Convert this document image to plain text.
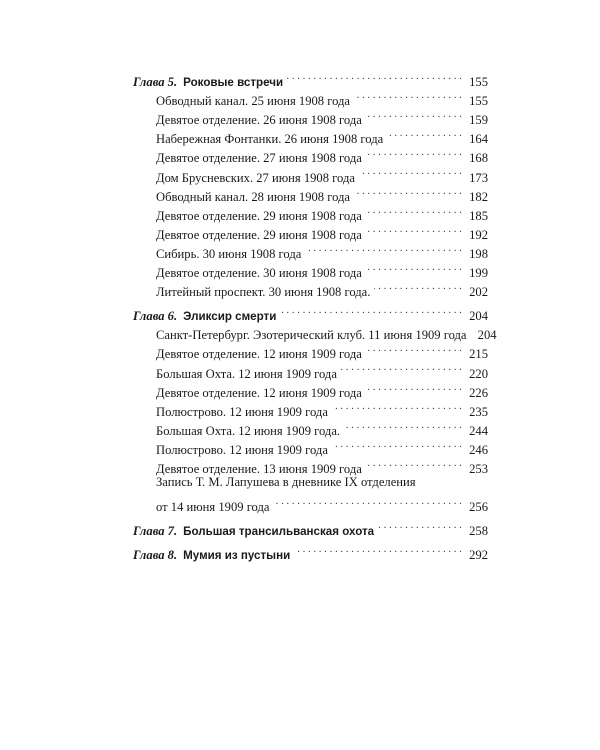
Глава 5. Роковые встречи . . .	155
Обводный канал. 25 июня 1908 года . . .	155
Девятое отделение. 26 июня 1908 года . . .	159
Набережная Фонтанки. 26 июня 1908 года . . .	164
Девятое отделение. 27 июня 1908 года . . .	168
Дом Брусневских. 27 июня 1908 года . . .	173
Обводный канал. 28 июня 1908 года . . .	182
Девятое отделение. 29 июня 1908 года . . .	185
Девятое отделение. 29 июня 1908 года . . .	192
Сибирь. 30 июня 1908 года . . .	198
Девятое отделение. 30 июня 1908 года . . .	199
Литейный проспект. 30 июня 1908 года. . . .	202
Глава 6. Эликсир смерти . . .	204
Санкт-Петербург. Эзотерический клуб. 11 июня 1909 года 204
Девятое отделение. 12 июня 1909 года . . .	215
Большая Охта. 12 июня 1909 года . . .	220
Девятое отделение. 12 июня 1909 года . . .	226
Полюстрово. 12 июня 1909 года . . .	235
Большая Охта. 12 июня 1909 года. . . .	244
Полюстрово. 12 июня 1909 года . . .	246
Девятое отделение. 13 июня 1909 года . . .	253
Запись Т. М. Лапушева в дневнике IX отделения
от 14 июня 1909 года . . .	256
Глава 7. Большая трансильванская охота . . .	258
Глава 8. Мумия из пустыни . . .	292
